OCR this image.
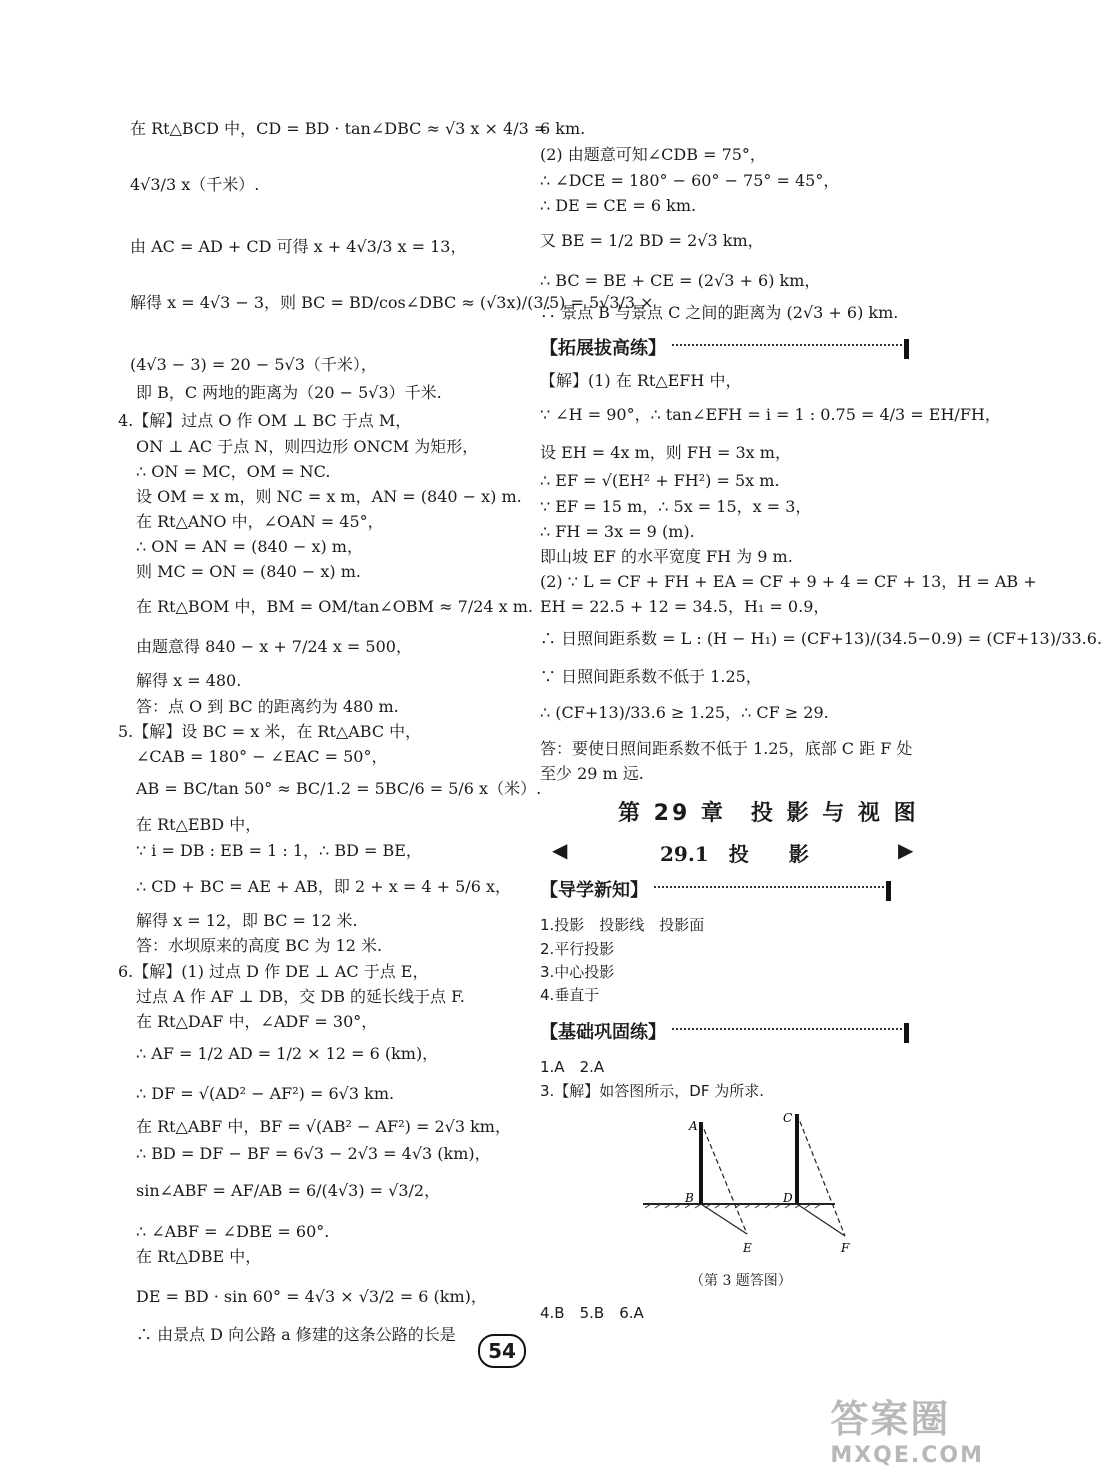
在 Rt△BCD 中，CD = BD · tan∠DBC ≈ √3 x × 4/3 =
4√3/3 x（千米）.
由 AC = AD + CD 可得 x + 4√3/3 x = 13，
解得 x = 4√3 − 3，则 BC = BD/cos∠DBC ≈ (√3x)/(3/5) = 5√3/3 ×
(4√3 − 3) = 20 − 5√3（千米），
即 B，C 两地的距离为（20 − 5√3）千米.
4.【解】过点 O 作 OM ⊥ BC 于点 M，
ON ⊥ AC 于点 N，则四边形 ONCM 为矩形，
∴ ON = MC，OM = NC.
设 OM = x m，则 NC = x m，AN = (840 − x) m.
在 Rt△ANO 中，∠OAN = 45°，
∴ ON = AN = (840 − x) m，
则 MC = ON = (840 − x) m.
在 Rt△BOM 中，BM = OM/tan∠OBM ≈ 7/24 x m.
由题意得 840 − x + 7/24 x = 500，
解得 x = 480.
答：点 O 到 BC 的距离约为 480 m.
5.【解】设 BC = x 米，在 Rt△ABC 中，
∠CAB = 180° − ∠EAC = 50°，
AB = BC/tan 50° ≈ BC/1.2 = 5BC/6 = 5/6 x（米）.
在 Rt△EBD 中，
∵ i = DB : EB = 1 : 1，∴ BD = BE，
∴ CD + BC = AE + AB，即 2 + x = 4 + 5/6 x，
解得 x = 12，即 BC = 12 米.
答：水坝原来的高度 BC 为 12 米.
6.【解】(1) 过点 D 作 DE ⊥ AC 于点 E，
过点 A 作 AF ⊥ DB，交 DB 的延长线于点 F.
在 Rt△DAF 中，∠ADF = 30°，
∴ AF = 1/2 AD = 1/2 × 12 = 6 (km)，
∴ DF = √(AD² − AF²) = 6√3 km.
在 Rt△ABF 中，BF = √(AB² − AF²) = 2√3 km，
∴ BD = DF − BF = 6√3 − 2√3 = 4√3 (km)，
sin∠ABF = AF/AB = 6/(4√3) = √3/2，
∴ ∠ABF = ∠DBE = 60°.
在 Rt△DBE 中，
DE = BD · sin 60° = 4√3 × √3/2 = 6 (km)，
∴ 由景点 D 向公路 a 修建的这条公路的长是
6 km.
(2) 由题意可知∠CDB = 75°，
∴ ∠DCE = 180° − 60° − 75° = 45°，
∴ DE = CE = 6 km.
又 BE = 1/2 BD = 2√3 km，
∴ BC = BE + CE = (2√3 + 6) km，
∴ 景点 B 与景点 C 之间的距离为 (2√3 + 6) km.
【拓展拔高练】
【解】(1) 在 Rt△EFH 中，
∵ ∠H = 90°，∴ tan∠EFH = i = 1 : 0.75 = 4/3 = EH/FH，
设 EH = 4x m，则 FH = 3x m，
∴ EF = √(EH² + FH²) = 5x m.
∵ EF = 15 m，∴ 5x = 15，x = 3，
∴ FH = 3x = 9 (m).
即山坡 EF 的水平宽度 FH 为 9 m.
(2) ∵ L = CF + FH + EA = CF + 9 + 4 = CF + 13，H = AB +
EH = 22.5 + 12 = 34.5，H₁ = 0.9，
∴ 日照间距系数 = L : (H − H₁) = (CF+13)/(34.5−0.9) = (CF+13)/33.6.
∵ 日照间距系数不低于 1.25，
∴ (CF+13)/33.6 ≥ 1.25，∴ CF ≥ 29.
答：要使日照间距系数不低于 1.25，底部 C 距 F 处
至少 29 m 远.
第 29 章　投 影 与 视 图
◀	29.1　投　　影	▶
【导学新知】
1.投影　投影线　投影面
2.平行投影
3.中心投影
4.垂直于
【基础巩固练】
1.A　2.A
3.【解】如答图所示，DF 为所求.
A
B
C
D
E	F
（第 3 题答图）
4.B　5.B　6.A
54
答案圈
MXQE.COM
